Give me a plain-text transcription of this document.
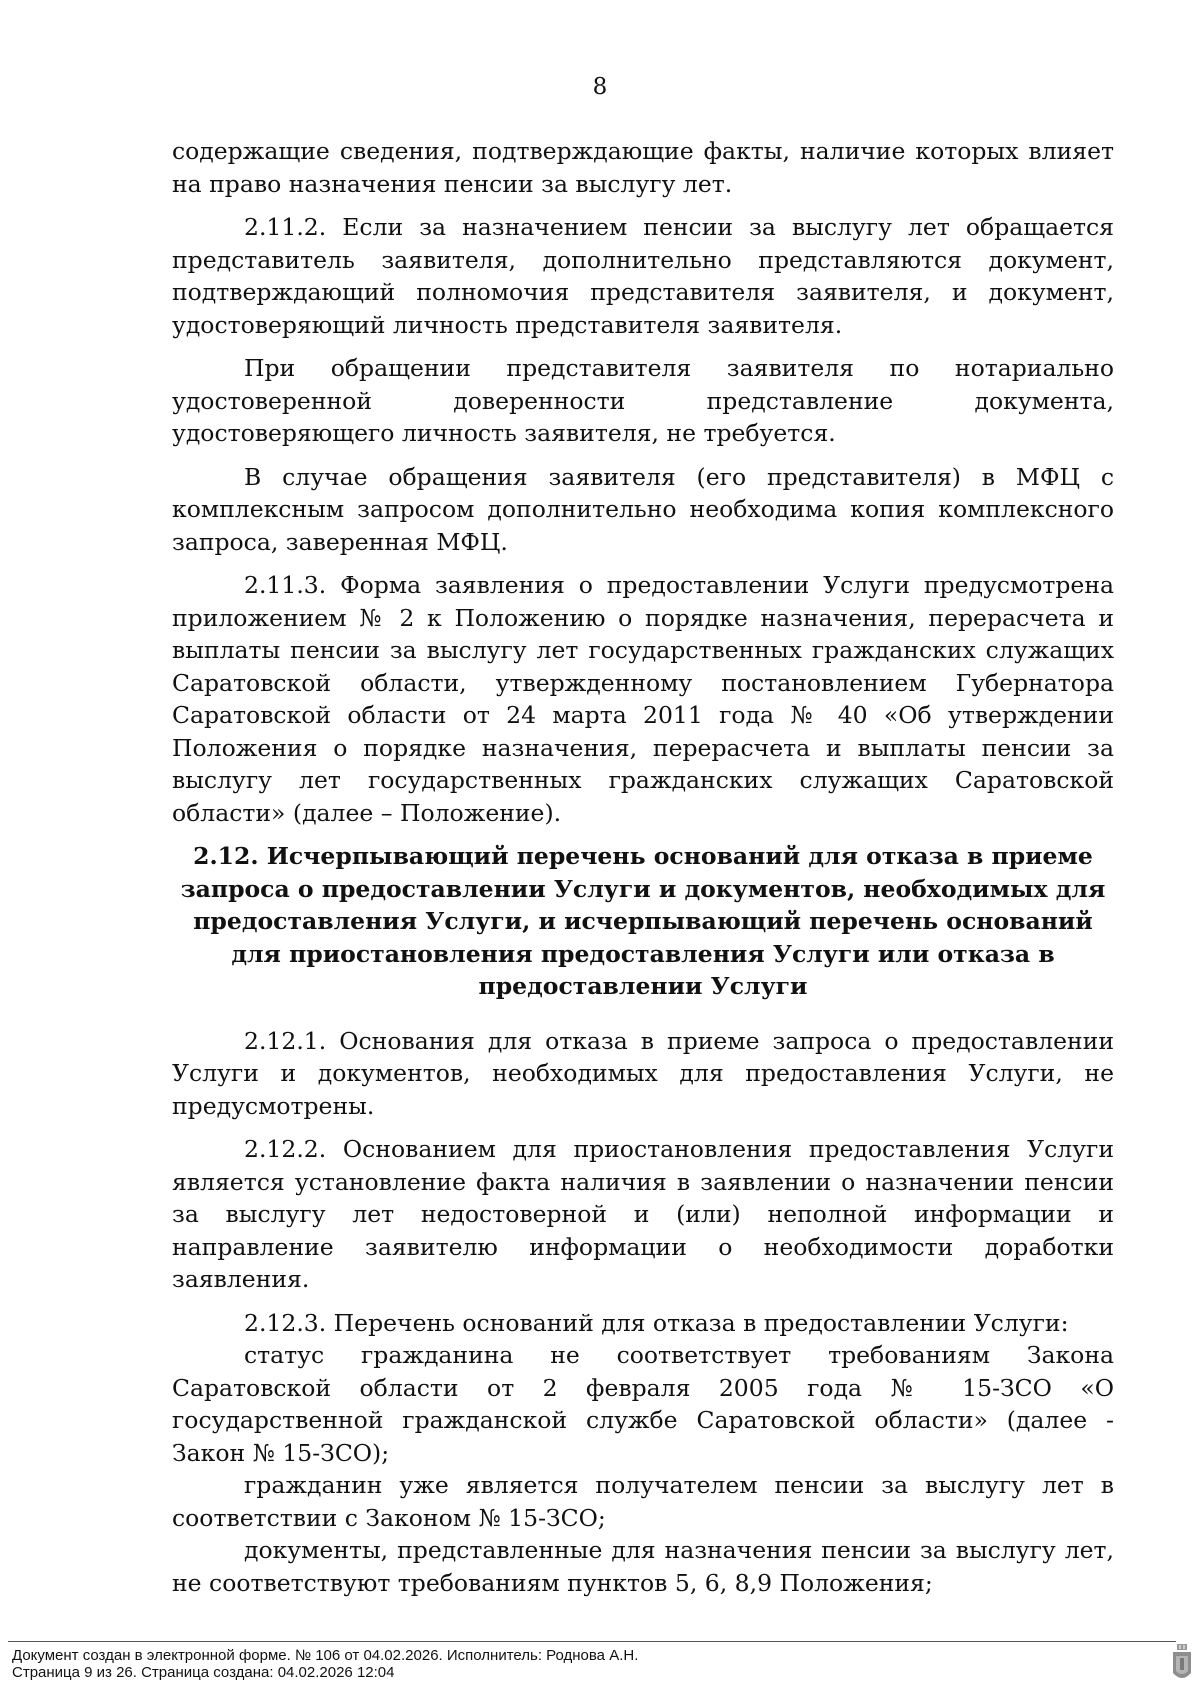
8

содержащие сведения, подтверждающие факты, наличие которых влияет на право назначения пенсии за выслугу лет.

2.11.2. Если за назначением пенсии за выслугу лет обращается представитель заявителя, дополнительно представляются документ, подтверждающий полномочия представителя заявителя, и документ, удостоверяющий личность представителя заявителя.

При обращении представителя заявителя по нотариально удостоверенной доверенности представление документа, удостоверяющего личность заявителя, не требуется.

В случае обращения заявителя (его представителя) в МФЦ с комплексным запросом дополнительно необходима копия комплексного запроса, заверенная МФЦ.

2.11.3. Форма заявления о предоставлении Услуги предусмотрена приложением № 2 к Положению о порядке назначения, перерасчета и выплаты пенсии за выслугу лет государственных гражданских служащих Саратовской области, утвержденному постановлением Губернатора Саратовской области от 24 марта 2011 года № 40 «Об утверждении Положения о порядке назначения, перерасчета и выплаты пенсии за выслугу лет государственных гражданских служащих Саратовской области» (далее – Положение).

2.12. Исчерпывающий перечень оснований для отказа в приеме запроса о предоставлении Услуги и документов, необходимых для предоставления Услуги, и исчерпывающий перечень оснований для приостановления предоставления Услуги или отказа в предоставлении Услуги

2.12.1. Основания для отказа в приеме запроса о предоставлении Услуги и документов, необходимых для предоставления Услуги, не предусмотрены.

2.12.2. Основанием для приостановления предоставления Услуги является установление факта наличия в заявлении о назначении пенсии за выслугу лет недостоверной и (или) неполной информации и направление заявителю информации о необходимости доработки заявления.

2.12.3. Перечень оснований для отказа в предоставлении Услуги:

статус гражданина не соответствует требованиям Закона Саратовской области от 2 февраля 2005 года № 15-ЗСО «О государственной гражданской службе Саратовской области» (далее - Закон № 15-ЗСО);

гражданин уже является получателем пенсии за выслугу лет в соответствии с Законом № 15-ЗСО;

документы, представленные для назначения пенсии за выслугу лет, не соответствуют требованиям пунктов 5, 6, 8,9 Положения;

Документ создан в электронной форме. № 106 от 04.02.2026. Исполнитель: Роднова А.Н.
Страница 9 из 26. Страница создана: 04.02.2026 12:04
